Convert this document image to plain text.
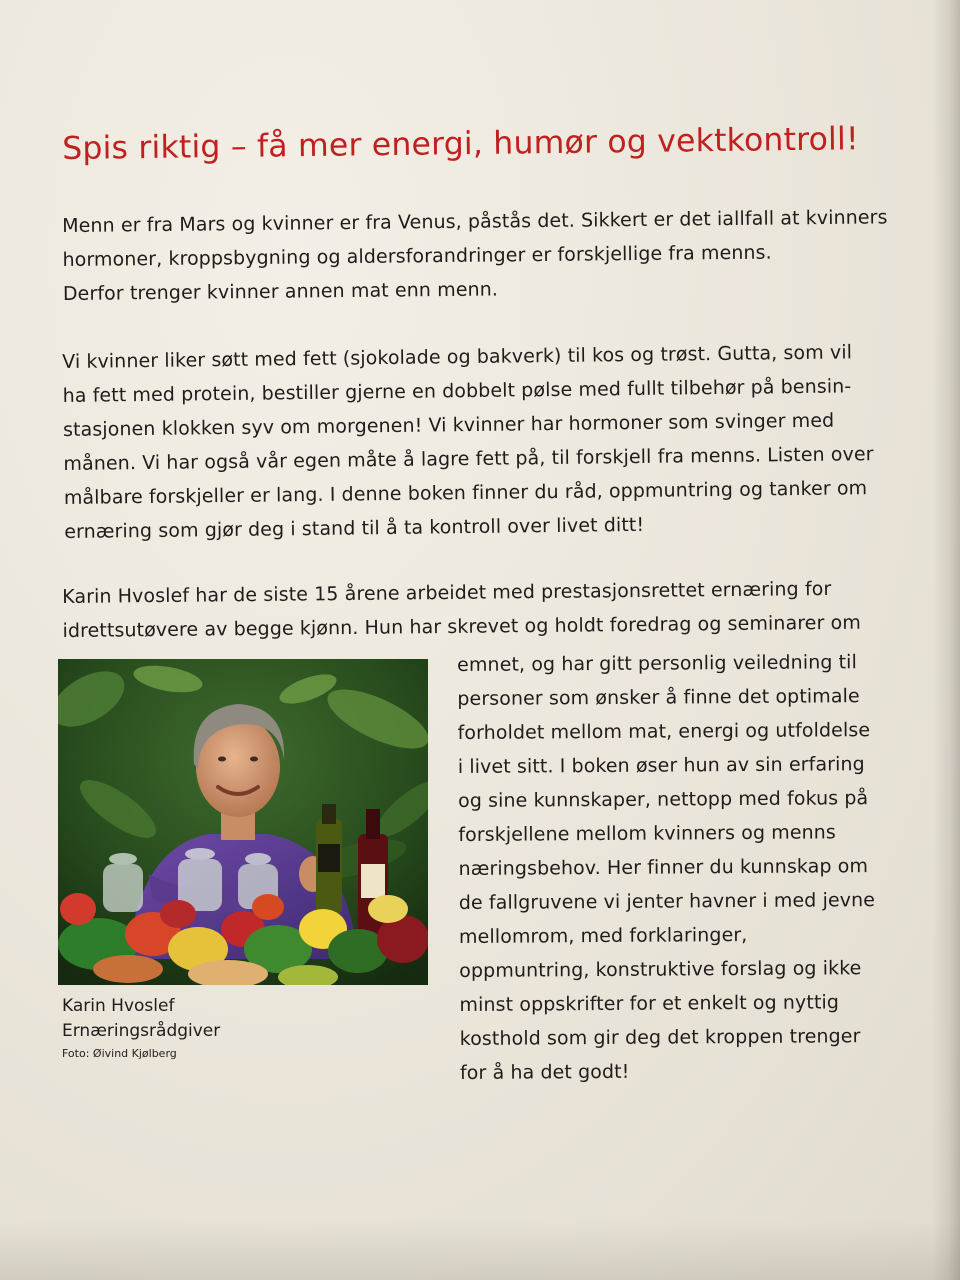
Spis riktig – få mer energi, humør og vektkontroll!

Menn er fra Mars og kvinner er fra Venus, påstås det. Sikkert er det iallfall at kvinners
hormoner, kroppsbygning og aldersforandringer er forskjellige fra menns.
Derfor trenger kvinner annen mat enn menn.

Vi kvinner liker søtt med fett (sjokolade og bakverk) til kos og trøst. Gutta, som vil
ha fett med protein, bestiller gjerne en dobbelt pølse med fullt tilbehør på bensin-
stasjonen klokken syv om morgenen! Vi kvinner har hormoner som svinger med
månen. Vi har også vår egen måte å lagre fett på, til forskjell fra menns. Listen over
målbare forskjeller er lang. I denne boken finner du råd, oppmuntring og tanker om
ernæring som gjør deg i stand til å ta kontroll over livet ditt!

Karin Hvoslef har de siste 15 årene arbeidet med prestasjonsrettet ernæring for
idrettsutøvere av begge kjønn. Hun har skrevet og holdt foredrag og seminarer om

Karin Hvoslef
Ernæringsrådgiver
Foto: Øivind Kjølberg

emnet, og har gitt personlig veiledning til
personer som ønsker å finne det optimale
forholdet mellom mat, energi og utfoldelse
i livet sitt. I boken øser hun av sin erfaring
og sine kunnskaper, nettopp med fokus på
forskjellene mellom kvinners og menns
næringsbehov. Her finner du kunnskap om
de fallgruvene vi jenter havner i med jevne
mellomrom, med forklaringer,
oppmuntring, konstruktive forslag og ikke
minst oppskrifter for et enkelt og nyttig
kosthold som gir deg det kroppen trenger
for å ha det godt!
